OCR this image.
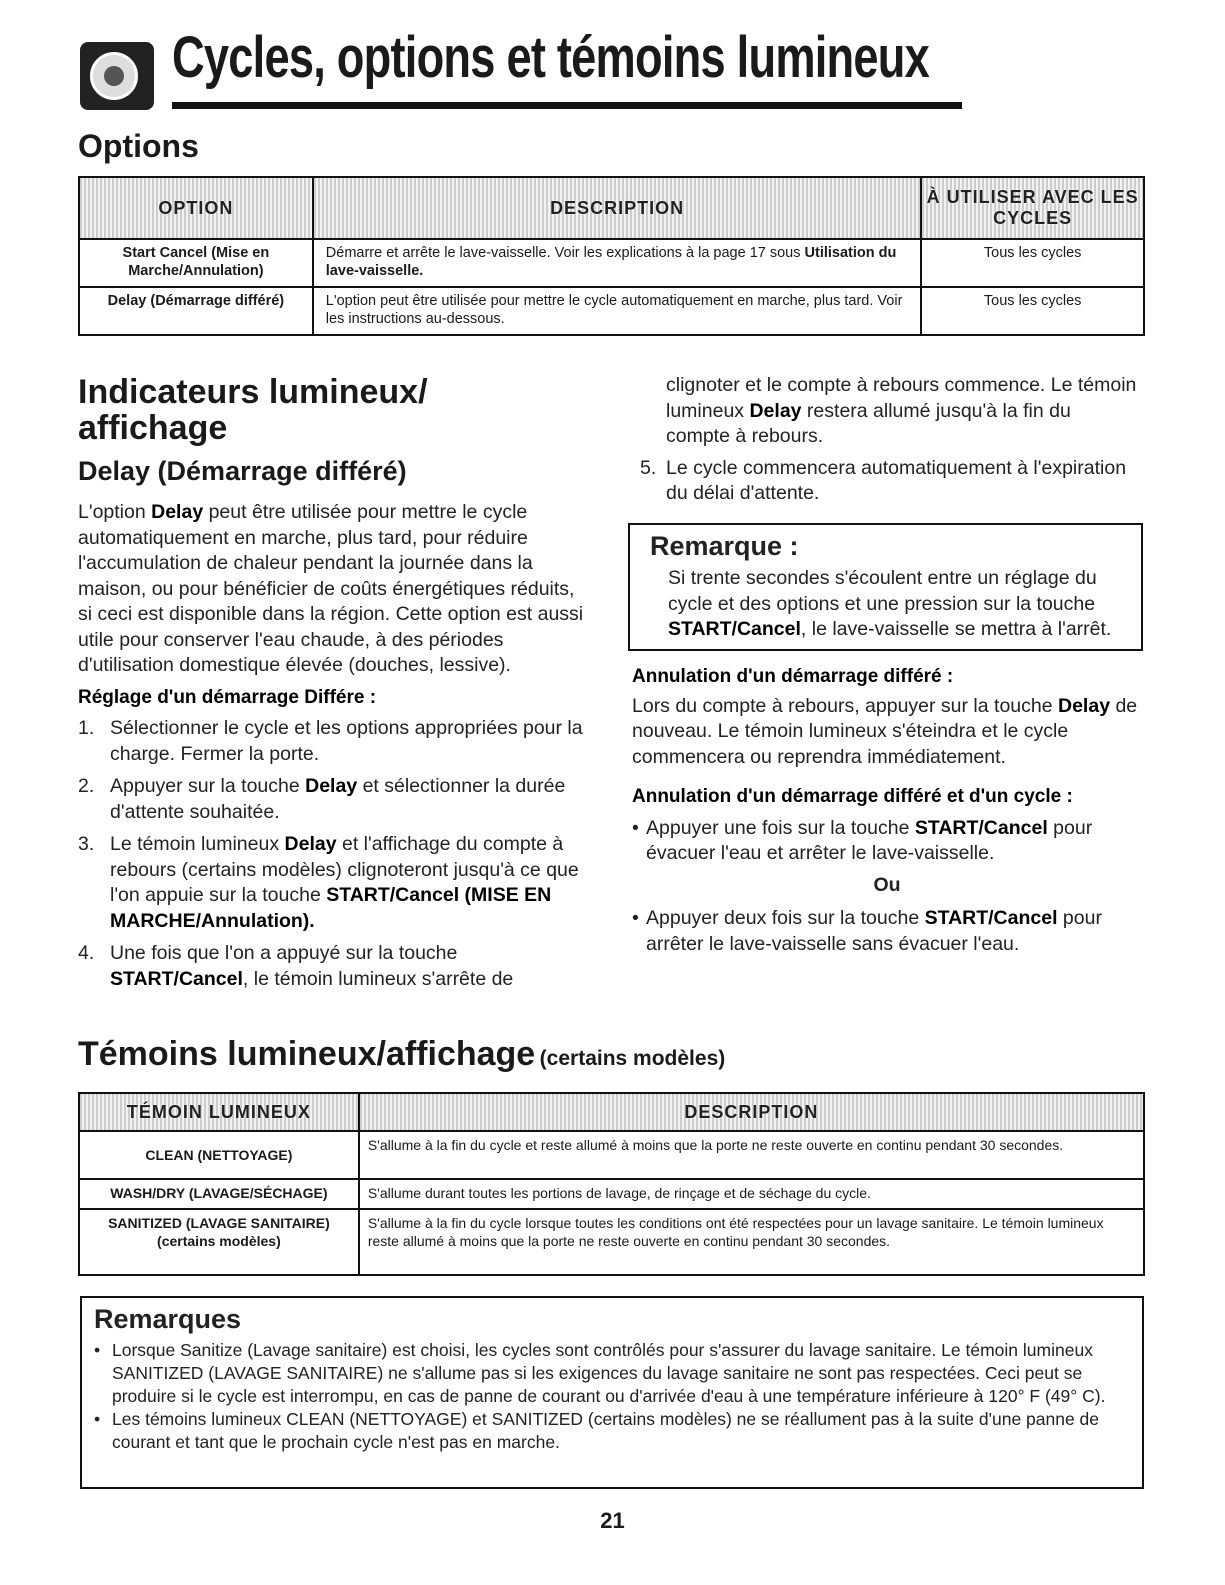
Cycles, options et témoins lumineux
Options
OPTION	DESCRIPTION	À UTILISER AVEC LES CYCLES
Start Cancel (Mise en Marche/Annulation)	Démarre et arrête le lave-vaisselle. Voir les explications à la page 17 sous Utilisation du lave-vaisselle.	Tous les cycles
Delay (Démarrage différé)	L'option peut être utilisée pour mettre le cycle automatiquement en marche, plus tard. Voir les instructions au-dessous.	Tous les cycles
Indicateurs lumineux/ affichage
Delay (Démarrage différé)

L'option Delay peut être utilisée pour mettre le cycle automatiquement en marche, plus tard, pour réduire l'accumulation de chaleur pendant la journée dans la maison, ou pour bénéficier de coûts énergétiques réduits, si ceci est disponible dans la région. Cette option est aussi utile pour conserver l'eau chaude, à des périodes d'utilisation domestique élevée (douches, lessive).

Réglage d'un démarrage Différe :
1. Sélectionner le cycle et les options appropriées pour la charge. Fermer la porte.
2. Appuyer sur la touche Delay et sélectionner la durée d'attente souhaitée.
3. Le témoin lumineux Delay et l'affichage du compte à rebours (certains modèles) clignoteront jusqu'à ce que l'on appuie sur la touche START/Cancel (MISE EN MARCHE/Annulation).
4. Une fois que l'on a appuyé sur la touche START/Cancel, le témoin lumineux s'arrête de

clignoter et le compte à rebours commence. Le témoin lumineux Delay restera allumé jusqu'à la fin du compte à rebours.

5. Le cycle commencera automatiquement à l'expiration du délai d'attente.
Remarque :

Si trente secondes s'écoulent entre un réglage du cycle et des options et une pression sur la touche START/Cancel, le lave-vaisselle se mettra à l'arrêt.

Annulation d'un démarrage différé :

Lors du compte à rebours, appuyer sur la touche Delay de nouveau. Le témoin lumineux s'éteindra et le cycle commencera ou reprendra immédiatement.

Annulation d'un démarrage différé et d'un cycle :
• Appuyer une fois sur la touche START/Cancel pour évacuer l'eau et arrêter le lave-vaisselle.
Ou
• Appuyer deux fois sur la touche START/Cancel pour arrêter le lave-vaisselle sans évacuer l'eau.
Témoins lumineux/affichage (certains modèles)
TÉMOIN LUMINEUX	DESCRIPTION
CLEAN (NETTOYAGE)	S'allume à la fin du cycle et reste allumé à moins que la porte ne reste ouverte en continu pendant 30 secondes.
WASH/DRY (LAVAGE/SÉCHAGE)	S'allume durant toutes les portions de lavage, de rinçage et de séchage du cycle.

SANITIZED (LAVAGE SANITAIRE)
(certains modèles)	S'allume à la fin du cycle lorsque toutes les conditions ont été respectées pour un lavage sanitaire. Le témoin lumineux reste allumé à moins que la porte ne reste ouverte en continu pendant 30 secondes.
Remarques
• Lorsque Sanitize (Lavage sanitaire) est choisi, les cycles sont contrôlés pour s'assurer du lavage sanitaire. Le témoin lumineux SANITIZED (LAVAGE SANITAIRE) ne s'allume pas si les exigences du lavage sanitaire ne sont pas respectées. Ceci peut se produire si le cycle est interrompu, en cas de panne de courant ou d'arrivée d'eau à une température inférieure à 120° F (49° C).
• Les témoins lumineux CLEAN (NETTOYAGE) et SANITIZED (certains modèles) ne se réallument pas à la suite d'une panne de courant et tant que le prochain cycle n'est pas en marche.
21
